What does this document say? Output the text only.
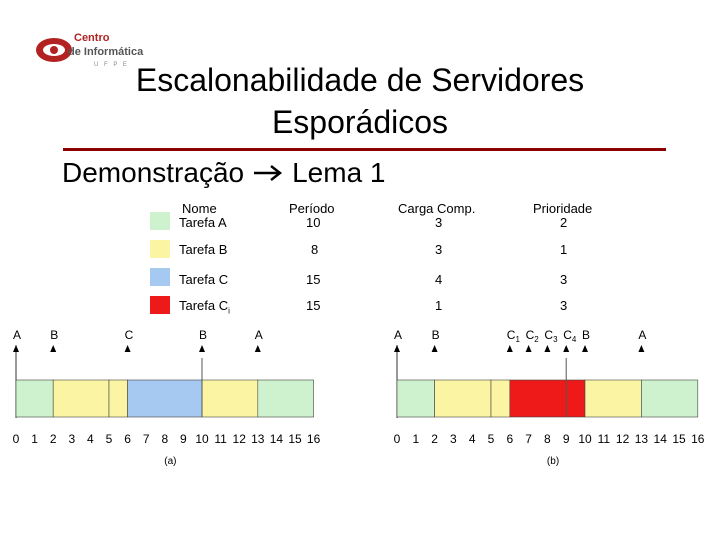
Centro
de Informática
U F P E Escalonabilidade de Servidores
Esporádicos
Demonstração Lema 1
Nome	Período	Carga Comp.	Prioridade
Tarefa A	10	3	2
Tarefa B	8	3	1
Tarefa C	15	4	3
Tarefa $C_i$	15	1	3
A B	C	B	A
0 1 2 3 4 5 6 7 8 9 10 11 12 13 14 15 16
(a)
A B	$C_1$ $C_2$ $C_3$ $C_4$ B	A
0 1 2 3 4 5 6 7 8 9 10 11 12 13 14 15 16
(b)
